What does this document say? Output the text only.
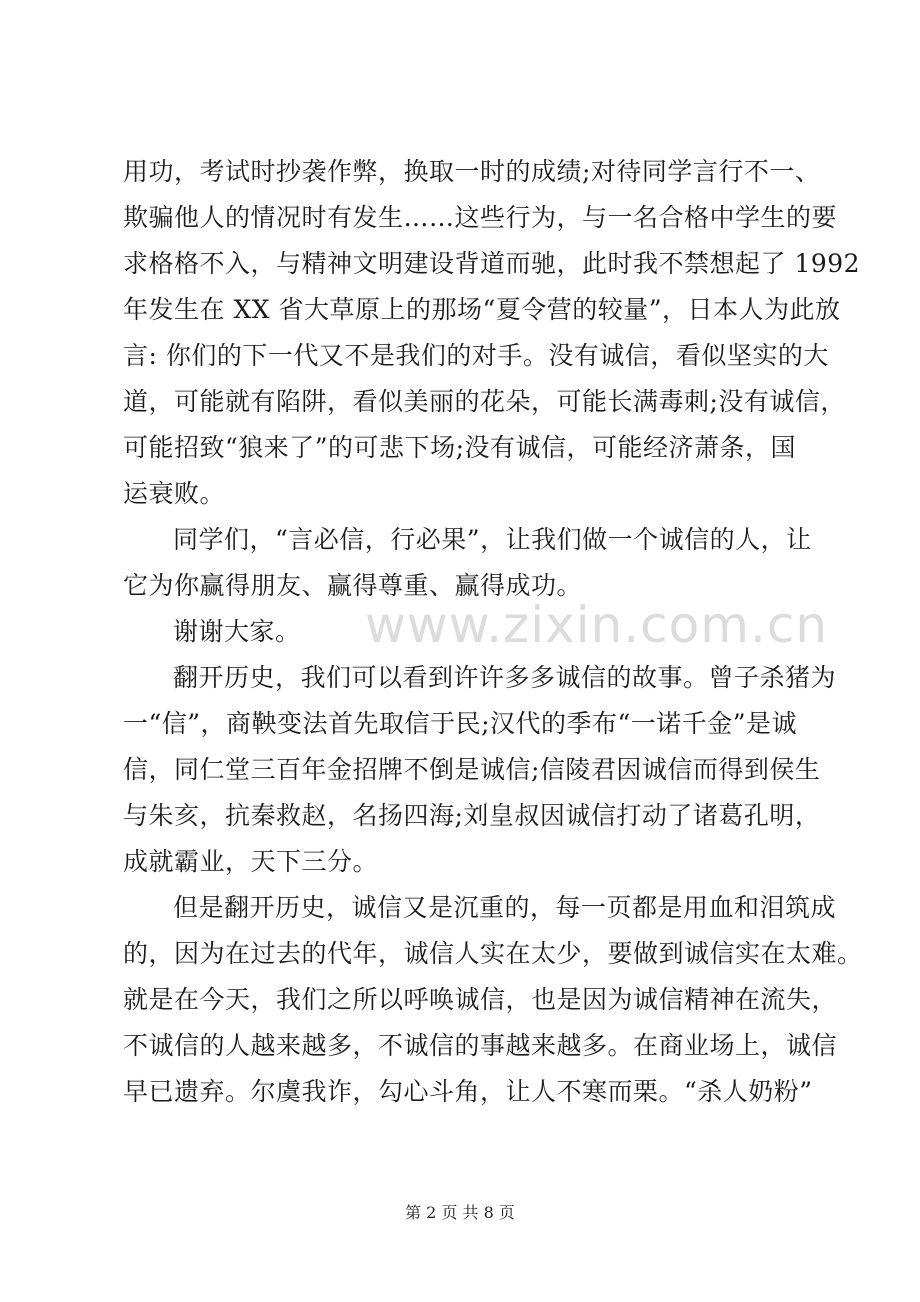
www.zixin.com.cn
用功，考试时抄袭作弊，换取一时的成绩;对待同学言行不一、
欺骗他人的情况时有发生……这些行为，与一名合格中学生的要
求格格不入，与精神文明建设背道而驰，此时我不禁想起了 1992
年发生在 XX 省大草原上的那场“夏令营的较量”，日本人为此放
言: 你们的下一代又不是我们的对手。没有诚信，看似坚实的大
道，可能就有陷阱，看似美丽的花朵，可能长满毒刺;没有诚信，
可能招致“狼来了”的可悲下场;没有诚信，可能经济萧条，国
运衰败。
同学们，“言必信，行必果”，让我们做一个诚信的人，让
它为你赢得朋友、赢得尊重、赢得成功。
谢谢大家。
翻开历史，我们可以看到许许多多诚信的故事。曾子杀猪为
一“信”，商鞅变法首先取信于民;汉代的季布“一诺千金”是诚
信，同仁堂三百年金招牌不倒是诚信;信陵君因诚信而得到侯生
与朱亥，抗秦救赵，名扬四海;刘皇叔因诚信打动了诸葛孔明，
成就霸业，天下三分。
但是翻开历史，诚信又是沉重的，每一页都是用血和泪筑成
的，因为在过去的代年，诚信人实在太少，要做到诚信实在太难。
就是在今天，我们之所以呼唤诚信，也是因为诚信精神在流失，
不诚信的人越来越多，不诚信的事越来越多。在商业场上，诚信
早已遗弃。尔虞我诈，勾心斗角，让人不寒而栗。“杀人奶粉”
第 2 页 共 8 页
